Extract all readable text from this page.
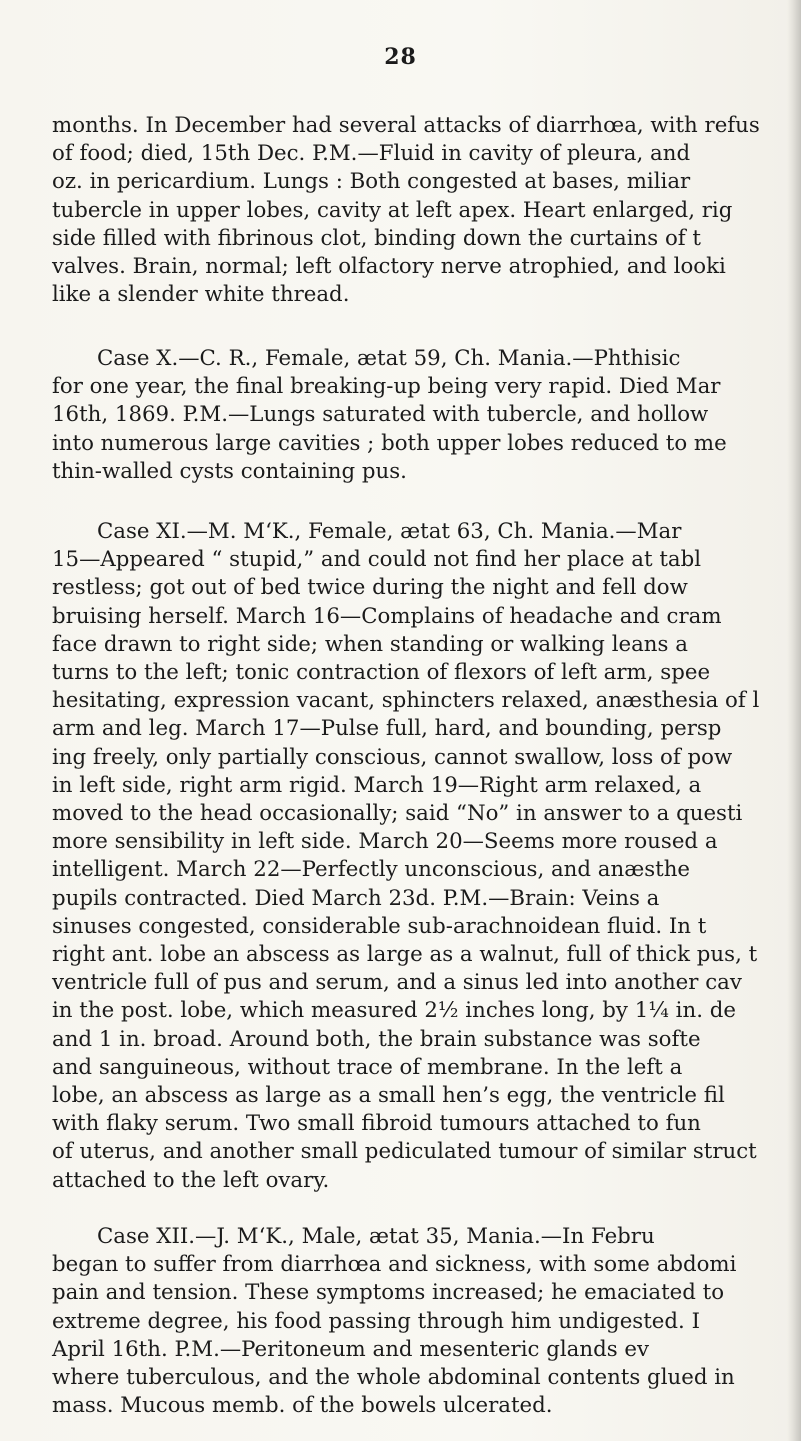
28
months. In December had several attacks of diarrhœa, with refus
of food; died, 15th Dec. P.M.—Fluid in cavity of pleura, and
oz. in pericardium. Lungs : Both congested at bases, miliar
tubercle in upper lobes, cavity at left apex. Heart enlarged, rig
side filled with fibrinous clot, binding down the curtains of t
valves. Brain, normal; left olfactory nerve atrophied, and looki
like a slender white thread.
Case X.—C. R., Female, ætat 59, Ch. Mania.—Phthisic
for one year, the final breaking-up being very rapid. Died Mar
16th, 1869. P.M.—Lungs saturated with tubercle, and hollow
into numerous large cavities ; both upper lobes reduced to me
thin-walled cysts containing pus.
Case XI.—M. M‘K., Female, ætat 63, Ch. Mania.—Mar
15—Appeared “ stupid,” and could not find her place at tabl
restless; got out of bed twice during the night and fell dow
bruising herself. March 16—Complains of headache and cram
face drawn to right side; when standing or walking leans a
turns to the left; tonic contraction of flexors of left arm, spee
hesitating, expression vacant, sphincters relaxed, anæsthesia of l
arm and leg. March 17—Pulse full, hard, and bounding, persp
ing freely, only partially conscious, cannot swallow, loss of pow
in left side, right arm rigid. March 19—Right arm relaxed, a
moved to the head occasionally; said “No” in answer to a questi
more sensibility in left side. March 20—Seems more roused a
intelligent. March 22—Perfectly unconscious, and anæsthe
pupils contracted. Died March 23d. P.M.—Brain: Veins a
sinuses congested, considerable sub-arachnoidean fluid. In t
right ant. lobe an abscess as large as a walnut, full of thick pus, t
ventricle full of pus and serum, and a sinus led into another cav
in the post. lobe, which measured 2½ inches long, by 1¼ in. de
and 1 in. broad. Around both, the brain substance was softe
and sanguineous, without trace of membrane. In the left a
lobe, an abscess as large as a small hen’s egg, the ventricle fil
with flaky serum. Two small fibroid tumours attached to fun
of uterus, and another small pediculated tumour of similar struct
attached to the left ovary.
Case XII.—J. M‘K., Male, ætat 35, Mania.—In Febru
began to suffer from diarrhœa and sickness, with some abdomi
pain and tension. These symptoms increased; he emaciated to
extreme degree, his food passing through him undigested. I
April 16th. P.M.—Peritoneum and mesenteric glands ev
where tuberculous, and the whole abdominal contents glued in
mass. Mucous memb. of the bowels ulcerated.
